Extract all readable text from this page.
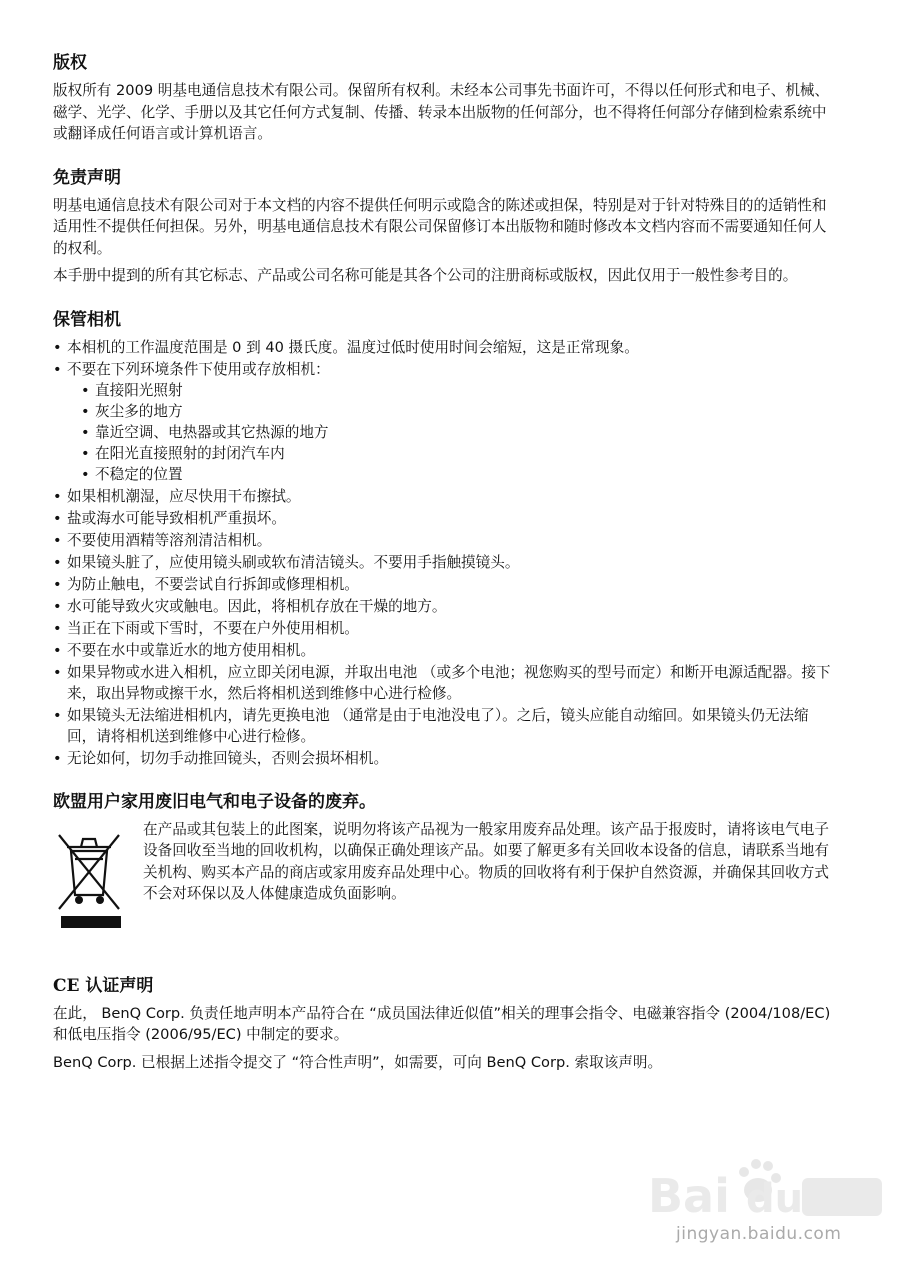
版权

版权所有 2009 明基电通信息技术有限公司。保留所有权利。未经本公司事先书面许可，不得以任何形式和电子、机械、磁学、光学、化学、手册以及其它任何方式复制、传播、转录本出版物的任何部分，也不得将任何部分存储到检索系统中或翻译成任何语言或计算机语言。

免责声明

明基电通信息技术有限公司对于本文档的内容不提供任何明示或隐含的陈述或担保，特别是对于针对特殊目的的适销性和适用性不提供任何担保。另外，明基电通信息技术有限公司保留修订本出版物和随时修改本文档内容而不需要通知任何人的权利。

本手册中提到的所有其它标志、产品或公司名称可能是其各个公司的注册商标或版权，因此仅用于一般性参考目的。

保管相机
• 本相机的工作温度范围是 0 到 40 摄氏度。温度过低时使用时间会缩短，这是正常现象。
• 不要在下列环境条件下使用或存放相机：
• 直接阳光照射
• 灰尘多的地方
• 靠近空调、电热器或其它热源的地方
• 在阳光直接照射的封闭汽车内
• 不稳定的位置
• 如果相机潮湿，应尽快用干布擦拭。
• 盐或海水可能导致相机严重损坏。
• 不要使用酒精等溶剂清洁相机。
• 如果镜头脏了，应使用镜头刷或软布清洁镜头。不要用手指触摸镜头。
• 为防止触电，不要尝试自行拆卸或修理相机。
• 水可能导致火灾或触电。因此，将相机存放在干燥的地方。
• 当正在下雨或下雪时，不要在户外使用相机。
• 不要在水中或靠近水的地方使用相机。
• 如果异物或水进入相机，应立即关闭电源，并取出电池 （或多个电池；视您购买的型号而定）和断开电源适配器。接下来，取出异物或擦干水，然后将相机送到维修中心进行检修。
• 如果镜头无法缩进相机内，请先更换电池 （通常是由于电池没电了）。之后，镜头应能自动缩回。如果镜头仍无法缩回，请将相机送到维修中心进行检修。
• 无论如何，切勿手动推回镜头，否则会损坏相机。
欧盟用户家用废旧电气和电子设备的废弃。
在产品或其包装上的此图案，说明勿将该产品视为一般家用废弃品处理。该产品于报废时，请将该电气电子设备回收至当地的回收机构，以确保正确处理该产品。如要了解更多有关回收本设备的信息，请联系当地有关机构、购买本产品的商店或家用废弃品处理中心。物质的回收将有利于保护自然资源，并确保其回收方式不会对环保以及人体健康造成负面影响。
CE 认证声明

在此， BenQ Corp. 负责任地声明本产品符合在 “成员国法律近似值”相关的理事会指令、电磁兼容指令 (2004/108/EC) 和低电压指令 (2006/95/EC) 中制定的要求。

BenQ Corp. 已根据上述指令提交了 “符合性声明”，如需要，可向 BenQ Corp. 索取该声明。

Bai du
jingyan.baidu.com
